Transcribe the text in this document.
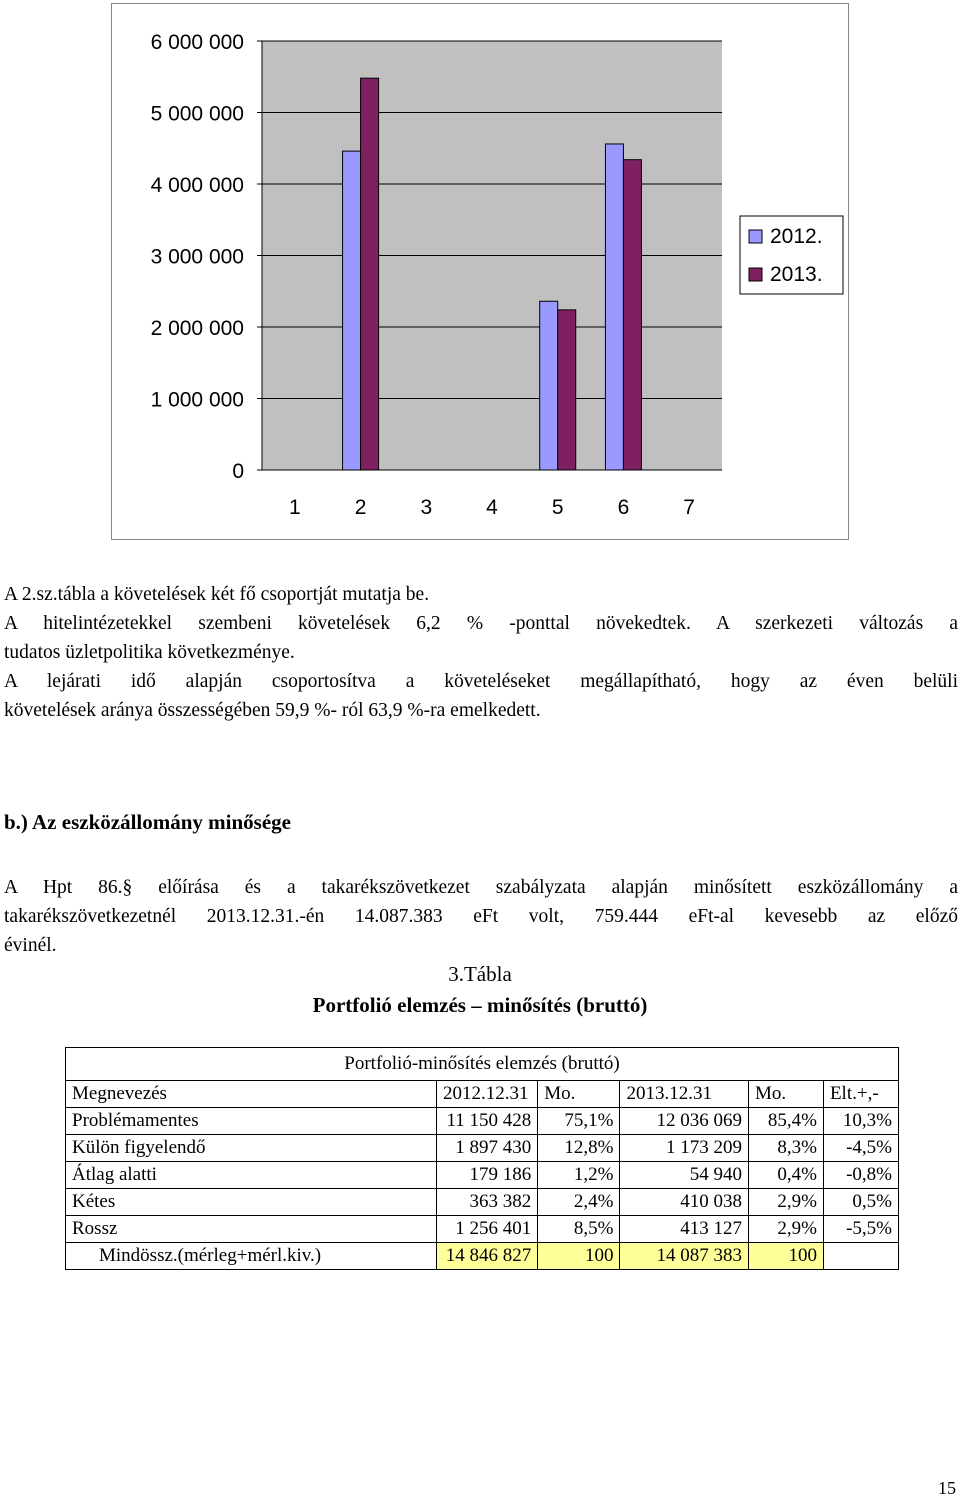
0
1 000 000
2 000 000
3 000 000
4 000 000
5 000 000
6 000 000
1	2	3	4	5	6	7
2012.
2013.

A 2.sz.tábla a követelések két fő csoportját mutatja be.

A hitelintézetekkel szembeni követelések 6,2 % -ponttal növekedtek. A szerkezeti változás a

tudatos üzletpolitika következménye.

A lejárati idő alapján csoportosítva a követeléseket megállapítható, hogy az éven belüli

követelések aránya összességében 59,9 %- ról 63,9 %-ra emelkedett.

b.) Az eszközállomány minősége

A Hpt 86.§ előírása és a takarékszövetkezet szabályzata alapján minősített eszközállomány a

takarékszövetkezetnél 2013.12.31.-én 14.087.383 eFt volt, 759.444 eFt-al kevesebb az előző

évinél.

3.Tábla

Portfolió elemzés – minősítés (bruttó)

Portfolió-minősítés elemzés (bruttó)					
Megnevezés	2012.12.31	Mo.	2013.12.31	Mo.	Elt.+,-
Problémamentes	11 150 428	75,1%	12 036 069	85,4%	10,3%
Külön figyelendő	1 897 430	12,8%	1 173 209	8,3%	-4,5%
Átlag alatti	179 186	1,2%	54 940	0,4%	-0,8%
Kétes	363 382	2,4%	410 038	2,9%	0,5%
Rossz	1 256 401	8,5%	413 127	2,9%	-5,5%
Mindössz.(mérleg+mérl.kiv.)	14 846 827	100	14 087 383	100	
15
